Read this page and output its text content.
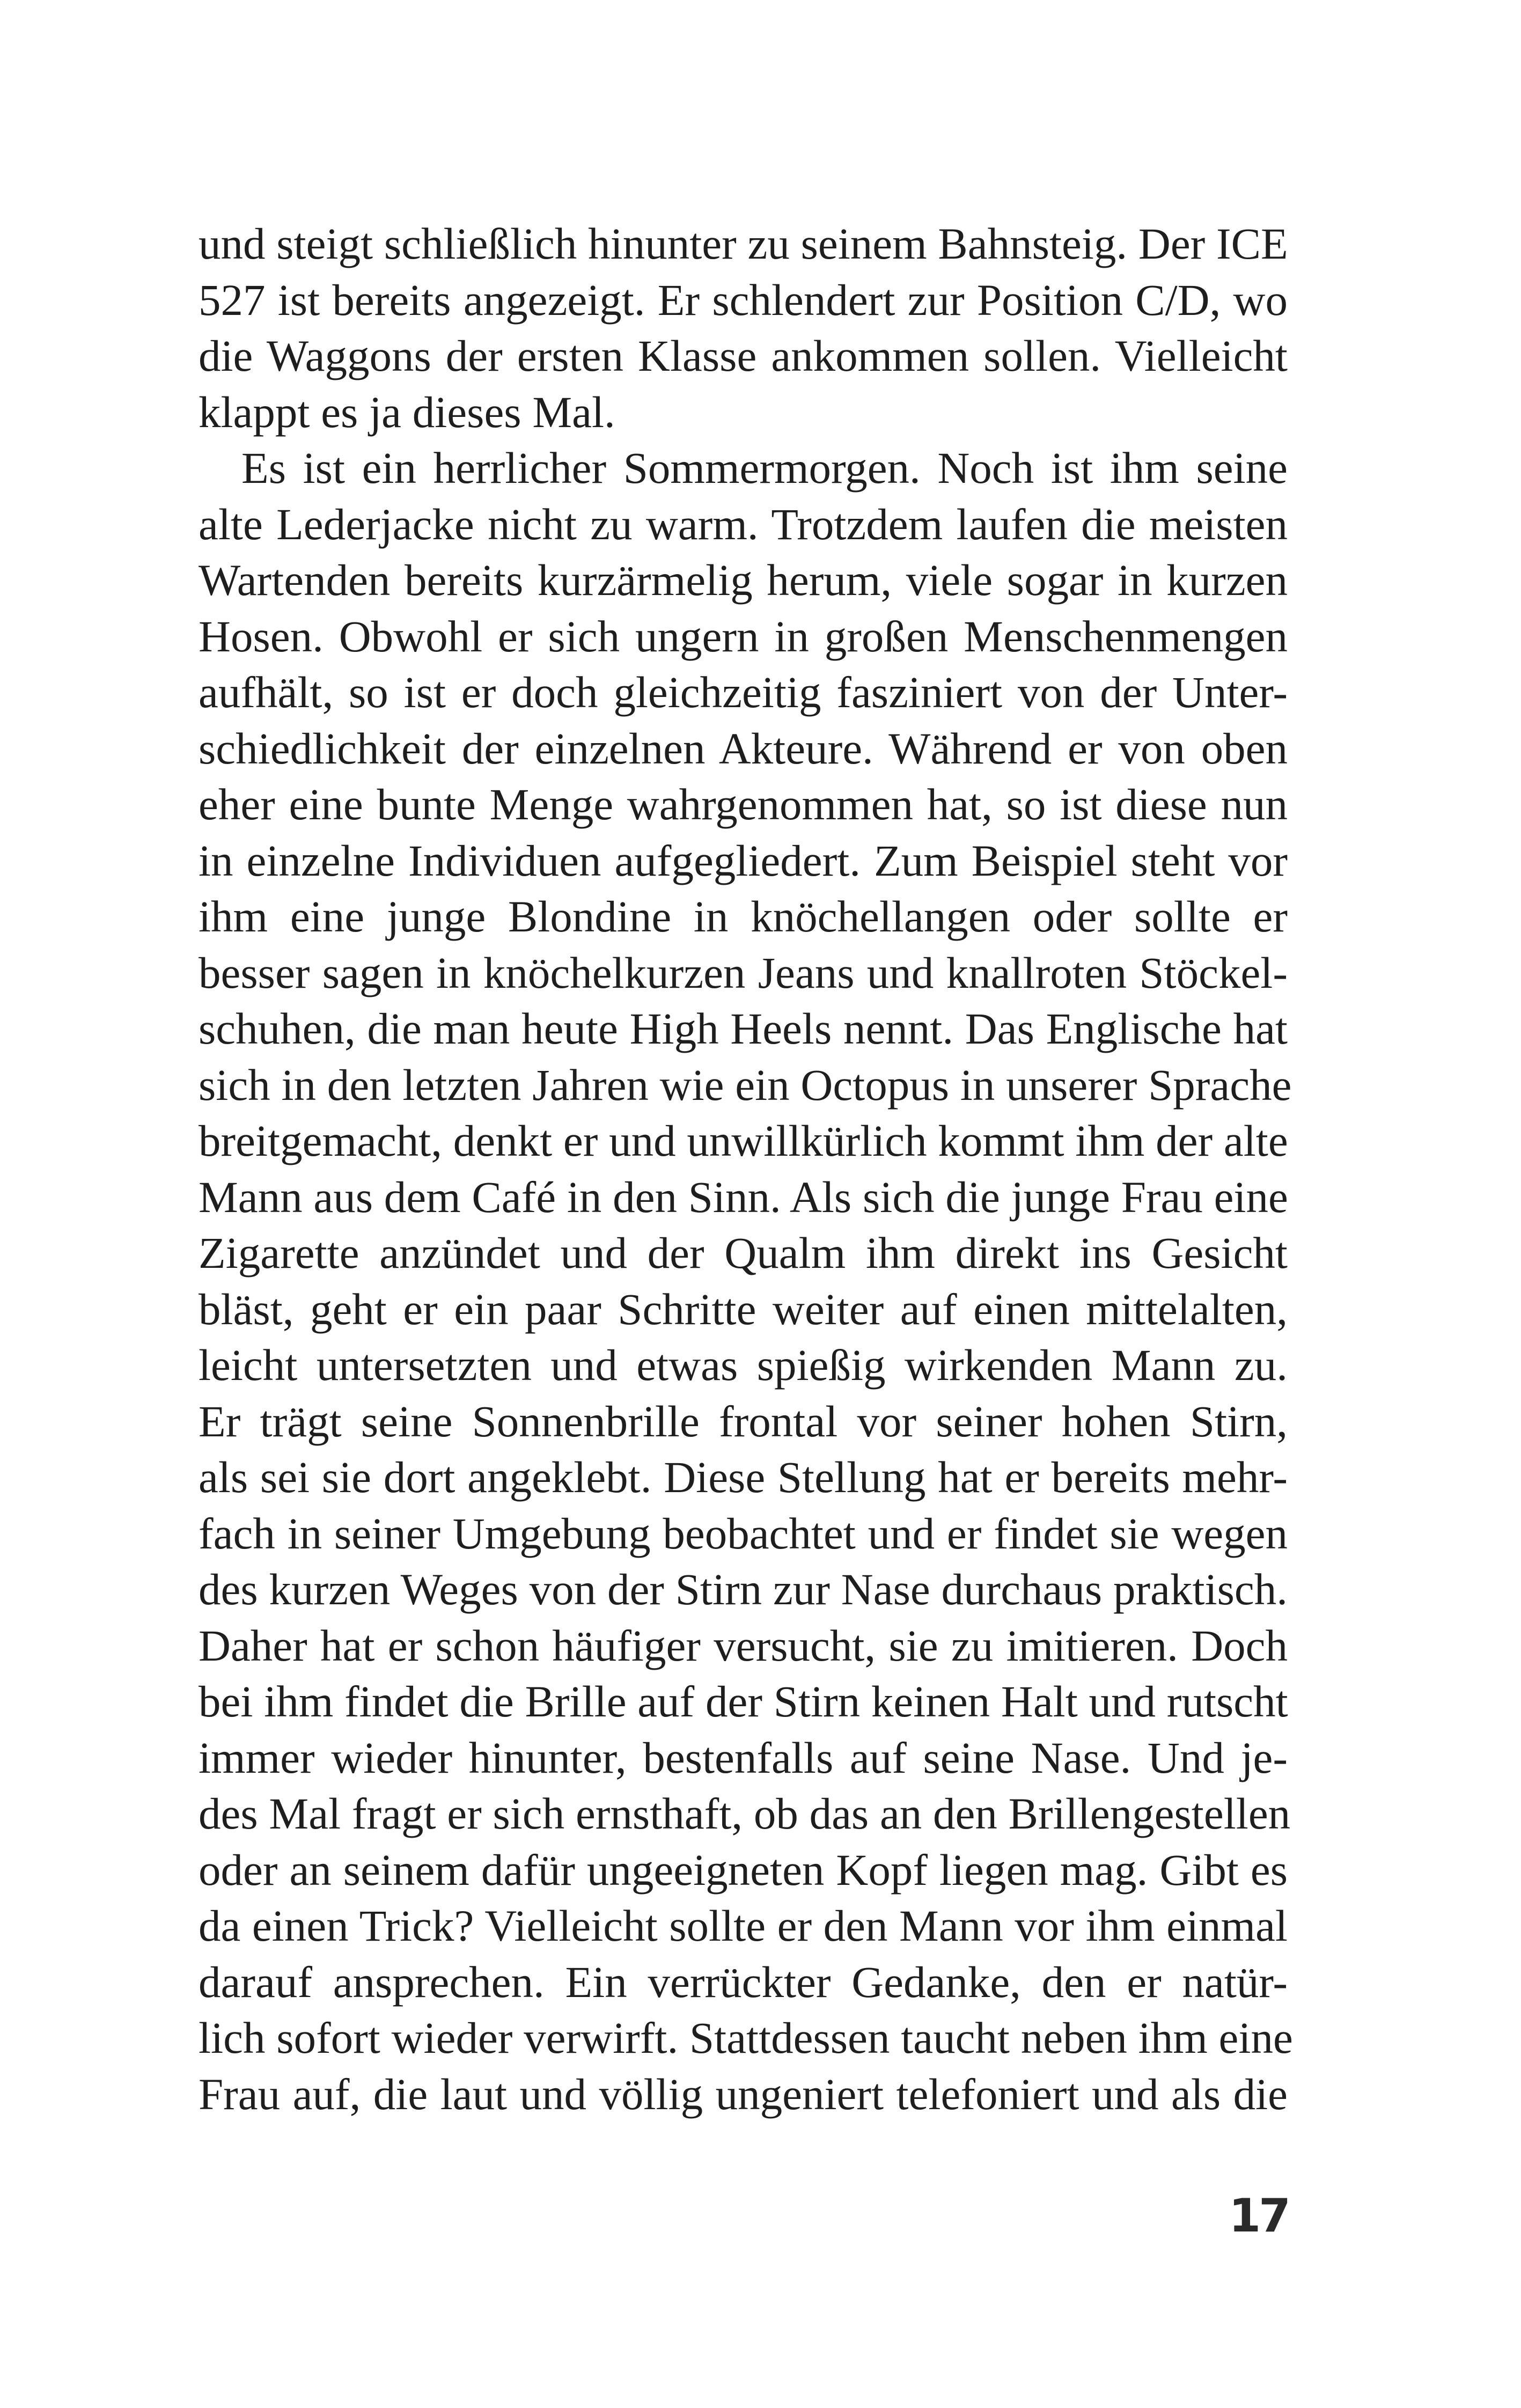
und steigt schließlich hinunter zu seinem Bahnsteig. Der ICE
527 ist bereits angezeigt. Er schlendert zur Position C/D, wo
die Waggons der ersten Klasse ankommen sollen. Vielleicht
klappt es ja dieses Mal.
Es ist ein herrlicher Sommermorgen. Noch ist ihm seine
alte Lederjacke nicht zu warm. Trotzdem laufen die meisten
Wartenden bereits kurzärmelig herum, viele sogar in kurzen
Hosen. Obwohl er sich ungern in großen Menschenmengen
aufhält, so ist er doch gleichzeitig fasziniert von der Unter-
schiedlichkeit der einzelnen Akteure. Während er von oben
eher eine bunte Menge wahrgenommen hat, so ist diese nun
in einzelne Individuen aufgegliedert. Zum Beispiel steht vor
ihm eine junge Blondine in knöchellangen oder sollte er
besser sagen in knöchelkurzen Jeans und knallroten Stöckel-
schuhen, die man heute High Heels nennt. Das Englische hat
sich in den letzten Jahren wie ein Octopus in unserer Sprache
breitgemacht, denkt er und unwillkürlich kommt ihm der alte
Mann aus dem Café in den Sinn. Als sich die junge Frau eine
Zigarette anzündet und der Qualm ihm direkt ins Gesicht
bläst, geht er ein paar Schritte weiter auf einen mittelalten,
leicht untersetzten und etwas spießig wirkenden Mann zu.
Er trägt seine Sonnenbrille frontal vor seiner hohen Stirn,
als sei sie dort angeklebt. Diese Stellung hat er bereits mehr-
fach in seiner Umgebung beobachtet und er findet sie wegen
des kurzen Weges von der Stirn zur Nase durchaus praktisch.
Daher hat er schon häufiger versucht, sie zu imitieren. Doch
bei ihm findet die Brille auf der Stirn keinen Halt und rutscht
immer wieder hinunter, bestenfalls auf seine Nase. Und je-
des Mal fragt er sich ernsthaft, ob das an den Brillengestellen
oder an seinem dafür ungeeigneten Kopf liegen mag. Gibt es
da einen Trick? Vielleicht sollte er den Mann vor ihm einmal
darauf ansprechen. Ein verrückter Gedanke, den er natür-
lich sofort wieder verwirft. Stattdessen taucht neben ihm eine
Frau auf, die laut und völlig ungeniert telefoniert und als die
17
